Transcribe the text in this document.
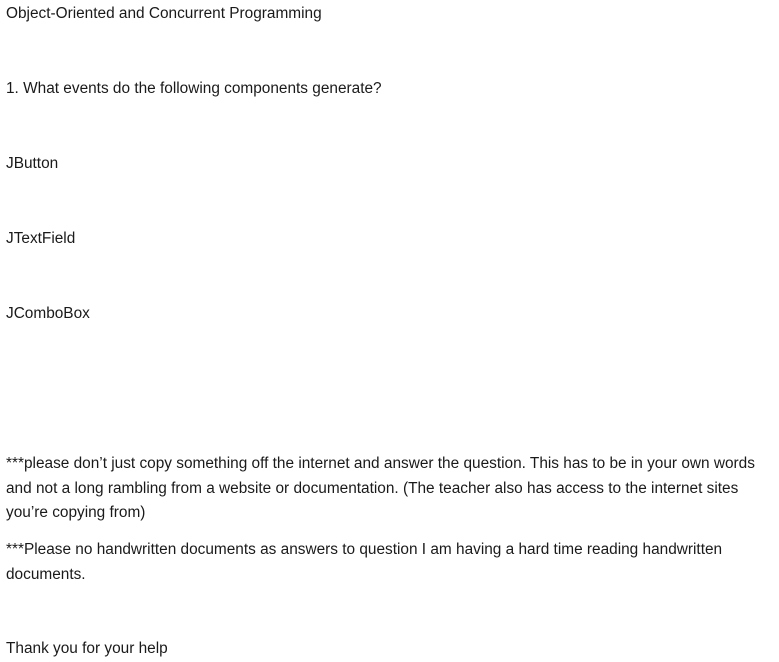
Object-Oriented and Concurrent Programming

1. What events do the following components generate?

JButton

JTextField

JComboBox

***please don’t just copy something off the internet and answer the question. This has to be in your own words and not a long rambling from a website or documentation. (The teacher also has access to the internet sites you’re copying from)

***Please no handwritten documents as answers to question I am having a hard time reading handwritten documents.

Thank you for your help
